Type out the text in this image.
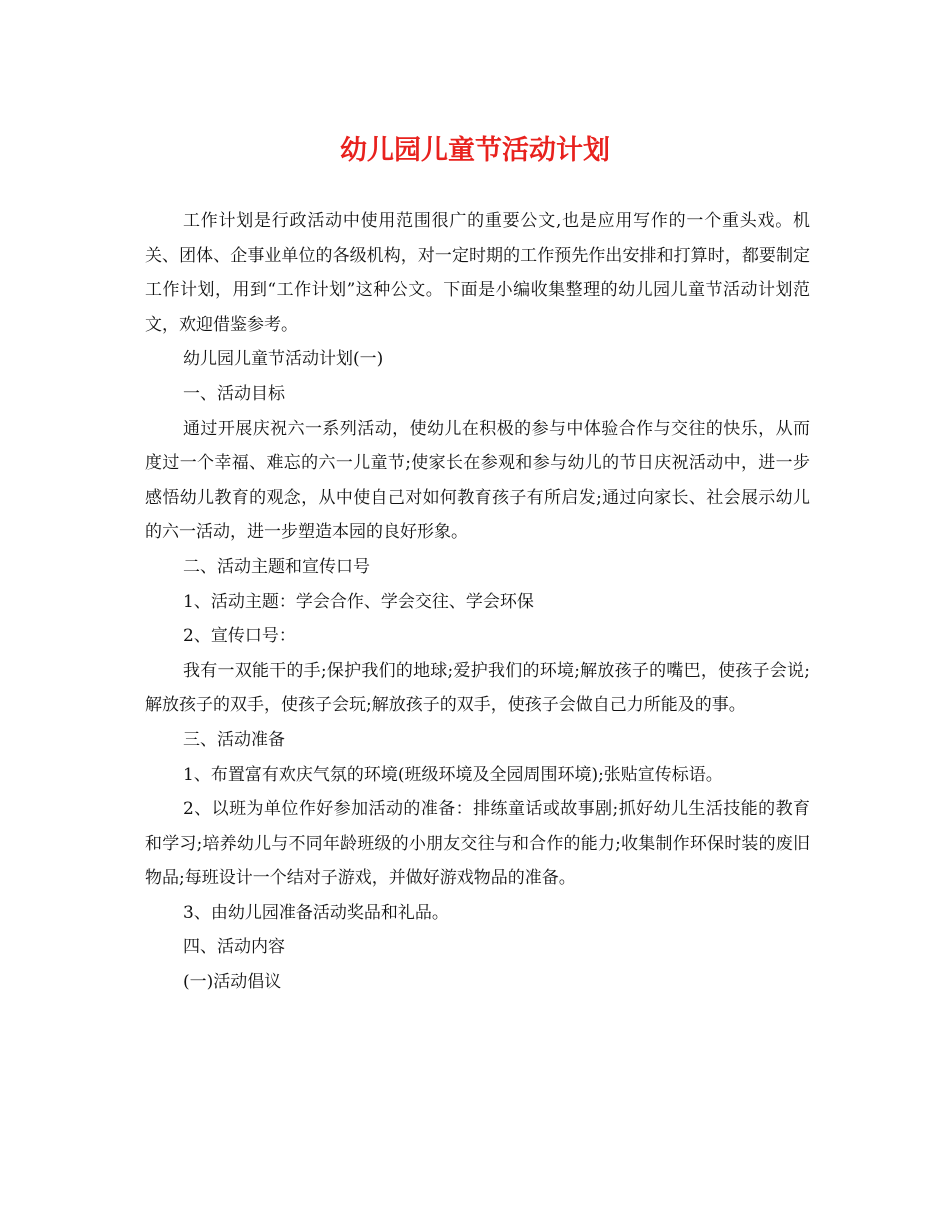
幼儿园儿童节活动计划

工作计划是行政活动中使用范围很广的重要公文,也是应用写作的一个重头戏。机关、团体、企事业单位的各级机构，对一定时期的工作预先作出安排和打算时，都要制定工作计划，用到“工作计划”这种公文。下面是小编收集整理的幼儿园儿童节活动计划范文，欢迎借鉴参考。

幼儿园儿童节活动计划(一)

一、活动目标

通过开展庆祝六一系列活动，使幼儿在积极的参与中体验合作与交往的快乐，从而度过一个幸福、难忘的六一儿童节;使家长在参观和参与幼儿的节日庆祝活动中，进一步感悟幼儿教育的观念，从中使自己对如何教育孩子有所启发;通过向家长、社会展示幼儿的六一活动，进一步塑造本园的良好形象。

二、活动主题和宣传口号

1、活动主题：学会合作、学会交往、学会环保

2、宣传口号：

我有一双能干的手;保护我们的地球;爱护我们的环境;解放孩子的嘴巴，使孩子会说;解放孩子的双手，使孩子会玩;解放孩子的双手，使孩子会做自己力所能及的事。

三、活动准备

1、布置富有欢庆气氛的环境(班级环境及全园周围环境);张贴宣传标语。

2、以班为单位作好参加活动的准备：排练童话或故事剧;抓好幼儿生活技能的教育和学习;培养幼儿与不同年龄班级的小朋友交往与和合作的能力;收集制作环保时装的废旧物品;每班设计一个结对子游戏，并做好游戏物品的准备。

3、由幼儿园准备活动奖品和礼品。

四、活动内容

(一)活动倡议
